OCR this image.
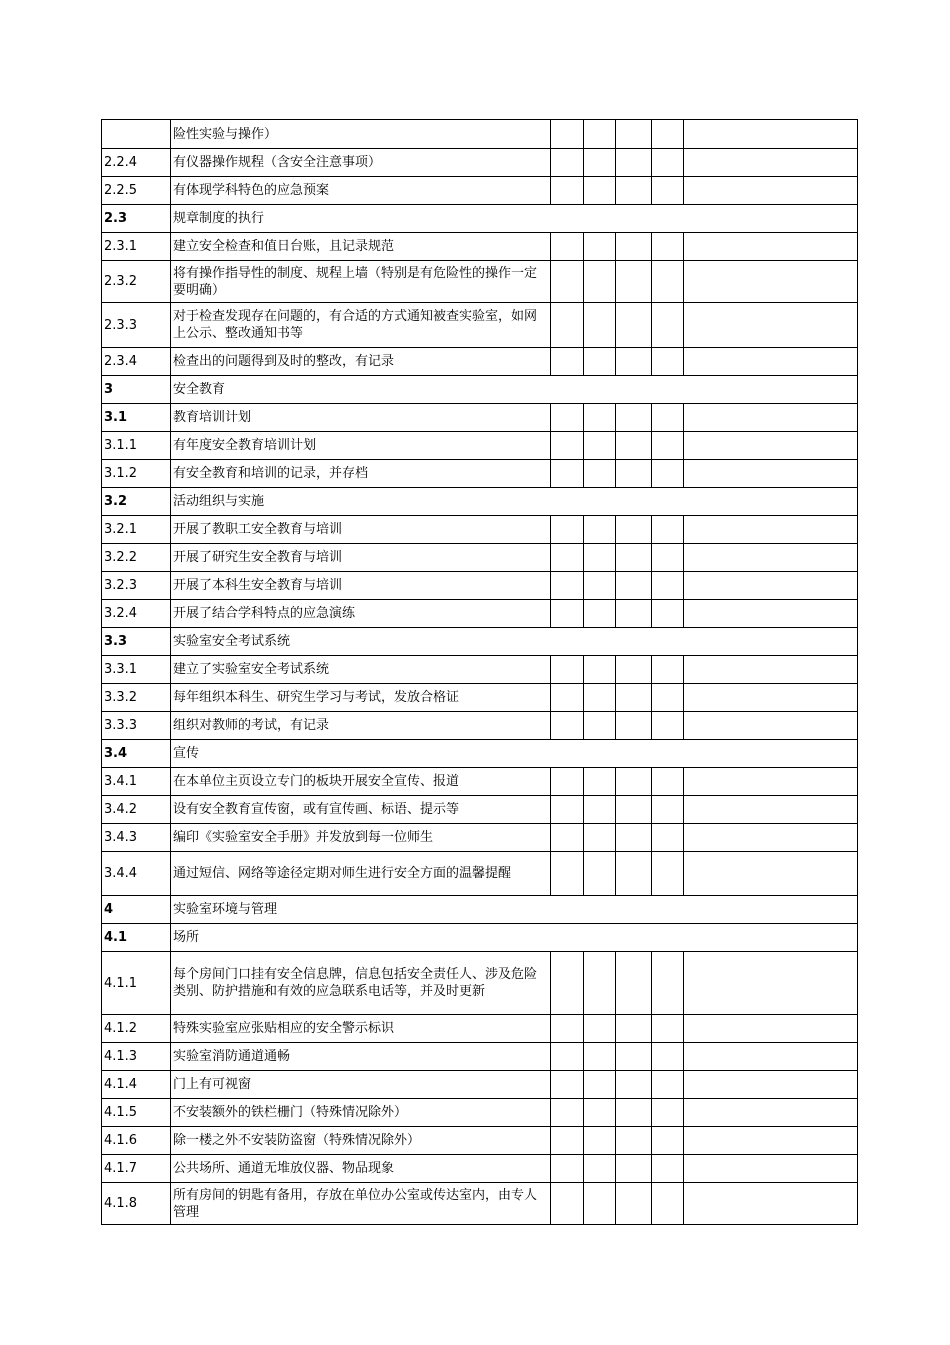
	险性实验与操作）					
2.2.4	有仪器操作规程（含安全注意事项）					
2.2.5	有体现学科特色的应急预案					
2.3	规章制度的执行					
2.3.1	建立安全检查和值日台账，且记录规范					
2.3.2	将有操作指导性的制度、规程上墙（特别是有危险性的操作一定要明确）					
2.3.3	对于检查发现存在问题的，有合适的方式通知被查实验室，如网上公示、整改通知书等					
2.3.4	检查出的问题得到及时的整改，有记录					
3	安全教育					
3.1	教育培训计划					
3.1.1	有年度安全教育培训计划					
3.1.2	有安全教育和培训的记录，并存档					
3.2	活动组织与实施					
3.2.1	开展了教职工安全教育与培训					
3.2.2	开展了研究生安全教育与培训					
3.2.3	开展了本科生安全教育与培训					
3.2.4	开展了结合学科特点的应急演练					
3.3	实验室安全考试系统					
3.3.1	建立了实验室安全考试系统					
3.3.2	每年组织本科生、研究生学习与考试，发放合格证					
3.3.3	组织对教师的考试，有记录					
3.4	宣传					
3.4.1	在本单位主页设立专门的板块开展安全宣传、报道					
3.4.2	设有安全教育宣传窗，或有宣传画、标语、提示等					
3.4.3	编印《实验室安全手册》并发放到每一位师生					
3.4.4	通过短信、网络等途径定期对师生进行安全方面的温馨提醒					
4	实验室环境与管理					
4.1	场所					
4.1.1	每个房间门口挂有安全信息牌，信息包括安全责任人、涉及危险类别、防护措施和有效的应急联系电话等，并及时更新					
4.1.2	特殊实验室应张贴相应的安全警示标识					
4.1.3	实验室消防通道通畅					
4.1.4	门上有可视窗					
4.1.5	不安装额外的铁栏栅门（特殊情况除外）					
4.1.6	除一楼之外不安装防盗窗（特殊情况除外）					
4.1.7	公共场所、通道无堆放仪器、物品现象					
4.1.8	所有房间的钥匙有备用，存放在单位办公室或传达室内，由专人管理					
